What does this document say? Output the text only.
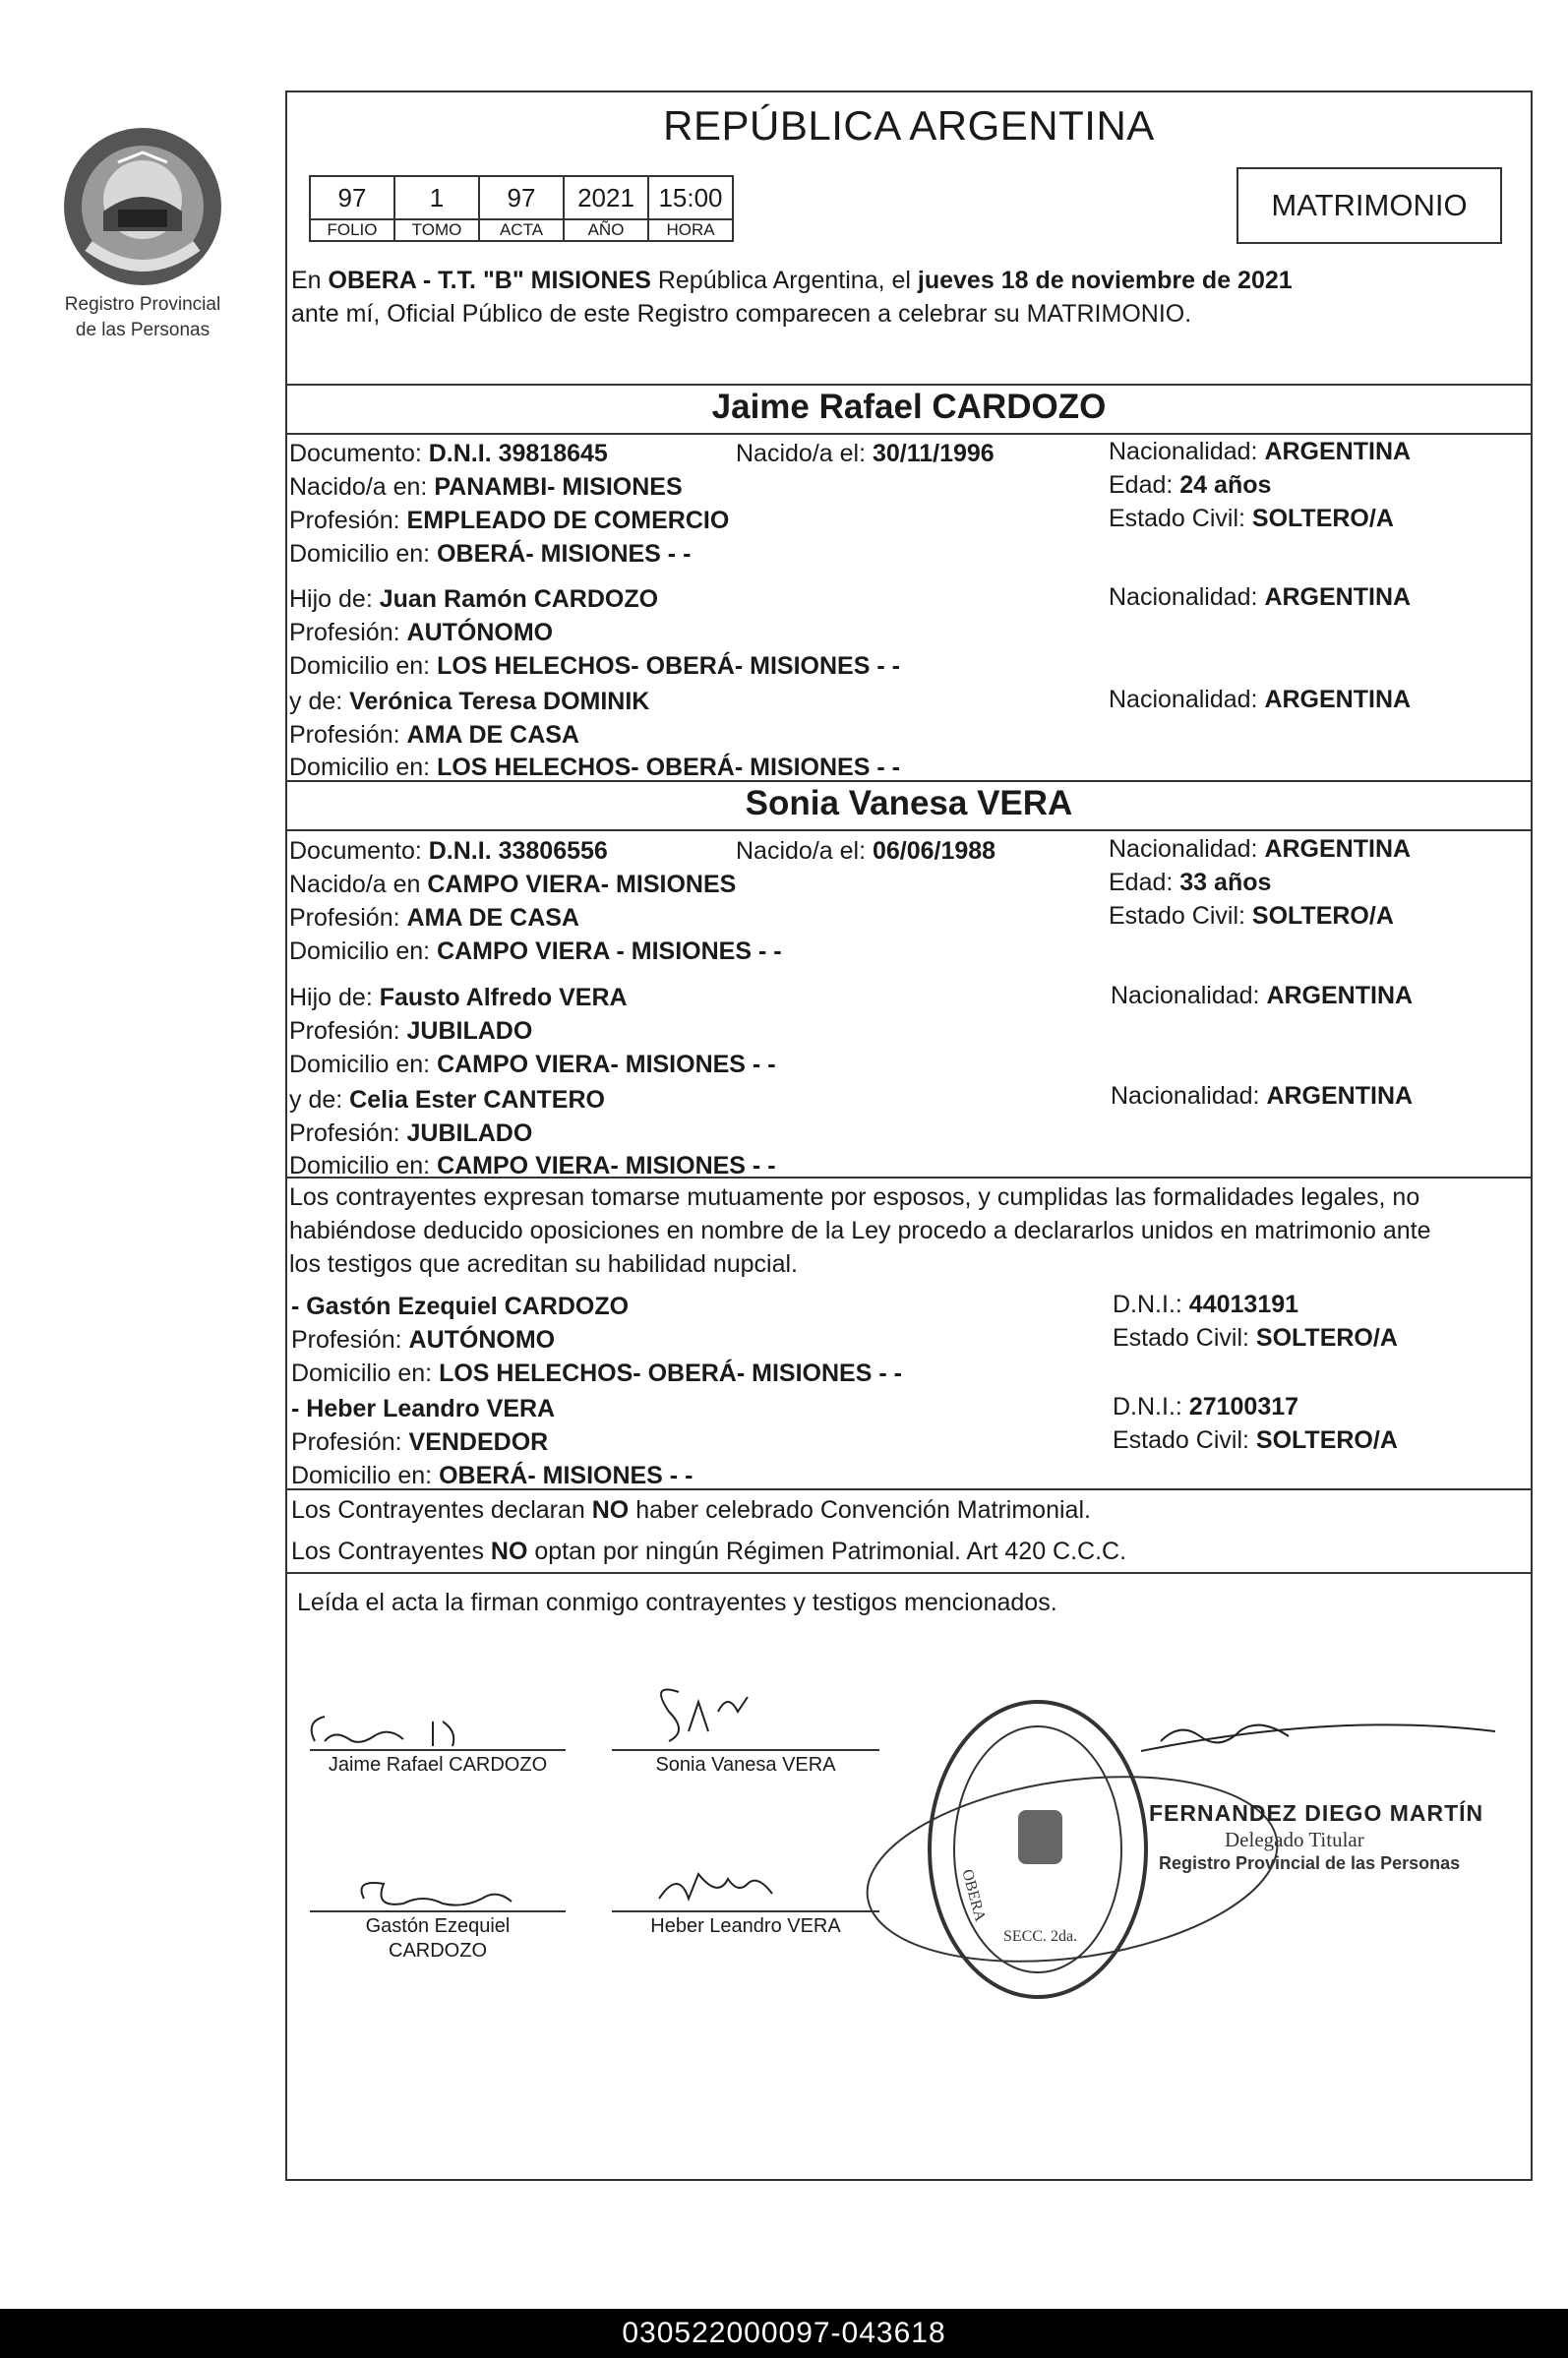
Registro Provincial
de las Personas
REPÚBLICA ARGENTINA
97	1	97	2021	15:00
FOLIO	TOMO	ACTA	AÑO	HORA
MATRIMONIO
En OBERA - T.T. "B" MISIONES República Argentina, el jueves 18 de noviembre de 2021
ante mí, Oficial Público de este Registro comparecen a celebrar su MATRIMONIO.
Jaime Rafael CARDOZO
Documento: D.N.I. 39818645	Nacido/a el: 30/11/1996	Nacionalidad: ARGENTINA
Nacido/a en: PANAMBI- MISIONES	Edad: 24 años
Profesión: EMPLEADO DE COMERCIO	Estado Civil: SOLTERO/A
Domicilio en: OBERÁ- MISIONES - -
Hijo de: Juan Ramón CARDOZO	Nacionalidad: ARGENTINA
Profesión: AUTÓNOMO
Domicilio en: LOS HELECHOS- OBERÁ- MISIONES - -
y de: Verónica Teresa DOMINIK	Nacionalidad: ARGENTINA
Profesión: AMA DE CASA
Domicilio en: LOS HELECHOS- OBERÁ- MISIONES - -
Sonia Vanesa VERA
Documento: D.N.I. 33806556	Nacido/a el: 06/06/1988	Nacionalidad: ARGENTINA
Nacido/a en CAMPO VIERA- MISIONES	Edad: 33 años
Profesión: AMA DE CASA	Estado Civil: SOLTERO/A
Domicilio en: CAMPO VIERA - MISIONES - -
Hijo de: Fausto Alfredo VERA	Nacionalidad: ARGENTINA
Profesión: JUBILADO
Domicilio en: CAMPO VIERA- MISIONES - -
y de: Celia Ester CANTERO	Nacionalidad: ARGENTINA
Profesión: JUBILADO
Domicilio en: CAMPO VIERA- MISIONES - -
Los contrayentes expresan tomarse mutuamente por esposos, y cumplidas las formalidades legales, no
habiéndose deducido oposiciones en nombre de la Ley procedo a declararlos unidos en matrimonio ante
los testigos que acreditan su habilidad nupcial.
- Gastón Ezequiel CARDOZO	D.N.I.: 44013191
Profesión: AUTÓNOMO	Estado Civil: SOLTERO/A
Domicilio en: LOS HELECHOS- OBERÁ- MISIONES - -
- Heber Leandro VERA	D.N.I.: 27100317
Profesión: VENDEDOR	Estado Civil: SOLTERO/A
Domicilio en: OBERÁ- MISIONES - -
Los Contrayentes declaran NO haber celebrado Convención Matrimonial.
Los Contrayentes NO optan por ningún Régimen Patrimonial. Art 420 C.C.C.
Leída el acta la firman conmigo contrayentes y testigos mencionados.
Jaime Rafael CARDOZO	Sonia Vanesa VERA
Gastón Ezequiel
CARDOZO
Heber Leandro VERA
OBERA
SECC. 2da.
FERNANDEZ DIEGO MARTÍN
Delegado Titular
Registro Provincial de las Personas
030522000097-043618
